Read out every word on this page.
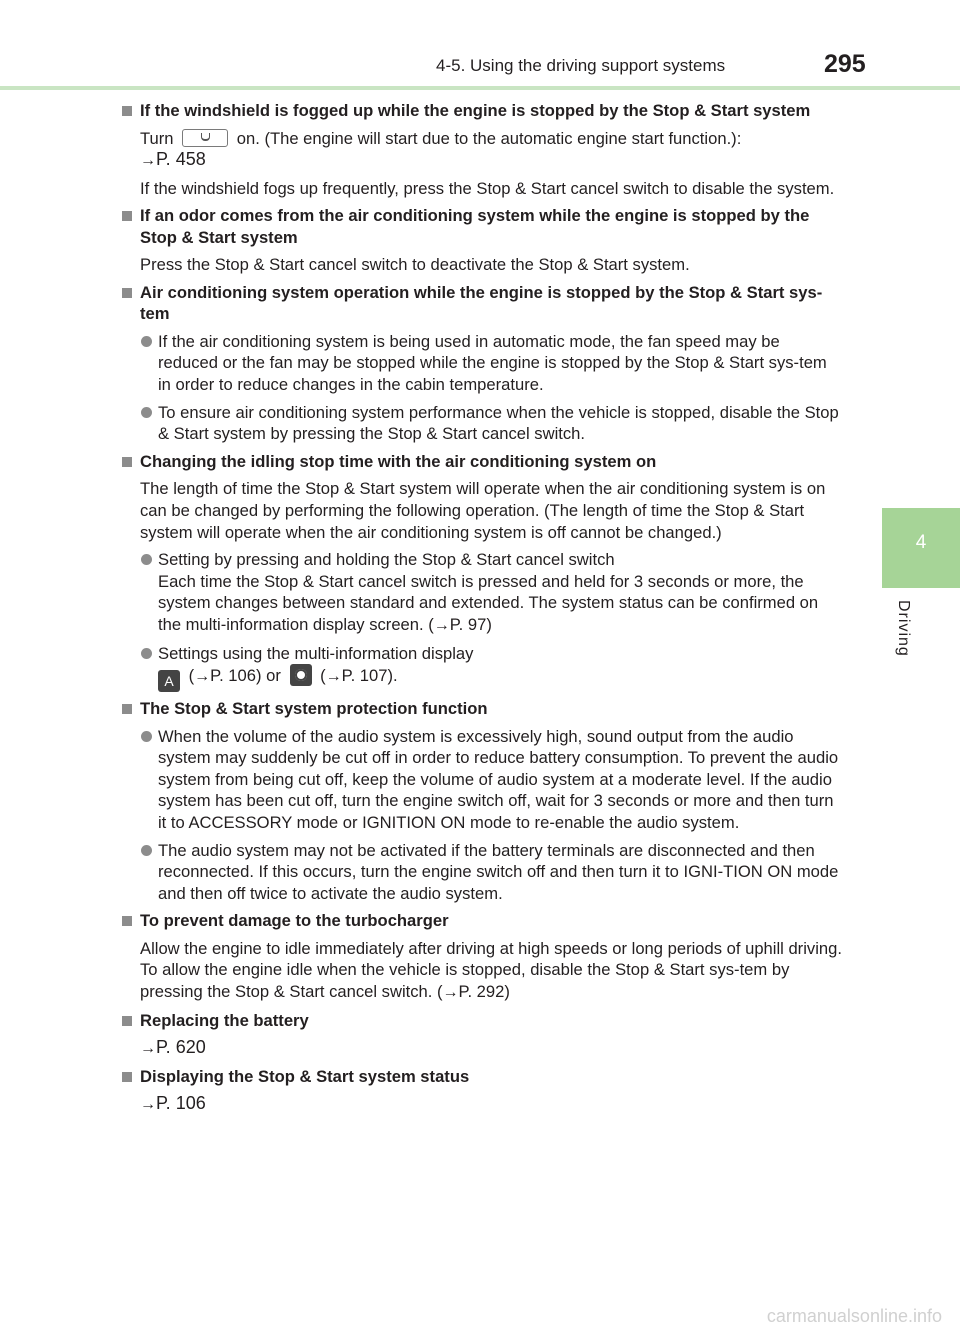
4-5. Using the driving support systems	295
4
Driving
If the windshield is fogged up while the engine is stopped by the Stop & Start system
Turn	on. (The engine will start due to the automatic engine start function.):
→P. 458
If the windshield fogs up frequently, press the Stop & Start cancel switch to disable the system.
If an odor comes from the air conditioning system while the engine is stopped by the Stop & Start system
Press the Stop & Start cancel switch to deactivate the Stop & Start system.
Air conditioning system operation while the engine is stopped by the Stop & Start sys-tem
If the air conditioning system is being used in automatic mode, the fan speed may be reduced or the fan may be stopped while the engine is stopped by the Stop & Start sys-tem in order to reduce changes in the cabin temperature.
To ensure air conditioning system performance when the vehicle is stopped, disable the Stop & Start system by pressing the Stop & Start cancel switch.
Changing the idling stop time with the air conditioning system on
The length of time the Stop & Start system will operate when the air conditioning system is on can be changed by performing the following operation. (The length of time the Stop & Start system will operate when the air conditioning system is off cannot be changed.)
Setting by pressing and holding the Stop & Start cancel switch
Each time the Stop & Start cancel switch is pressed and held for 3 seconds or more, the system changes between standard and extended. The system status can be confirmed on the multi-information display screen. (→P. 97)
Settings using the multi-information display
A (→P. 106) or  (→P. 107).
The Stop & Start system protection function
When the volume of the audio system is excessively high, sound output from the audio system may suddenly be cut off in order to reduce battery consumption. To prevent the audio system from being cut off, keep the volume of audio system at a moderate level. If the audio system has been cut off, turn the engine switch off, wait for 3 seconds or more and then turn it to ACCESSORY mode or IGNITION ON mode to re-enable the audio system.
The audio system may not be activated if the battery terminals are disconnected and then reconnected. If this occurs, turn the engine switch off and then turn it to IGNI-TION ON mode and then off twice to activate the audio system.
To prevent damage to the turbocharger
Allow the engine to idle immediately after driving at high speeds or long periods of uphill driving. To allow the engine idle when the vehicle is stopped, disable the Stop & Start sys-tem by pressing the Stop & Start cancel switch. (→P. 292)
Replacing the battery
→P. 620
Displaying the Stop & Start system status
→P. 106
carmanualsonline.info
